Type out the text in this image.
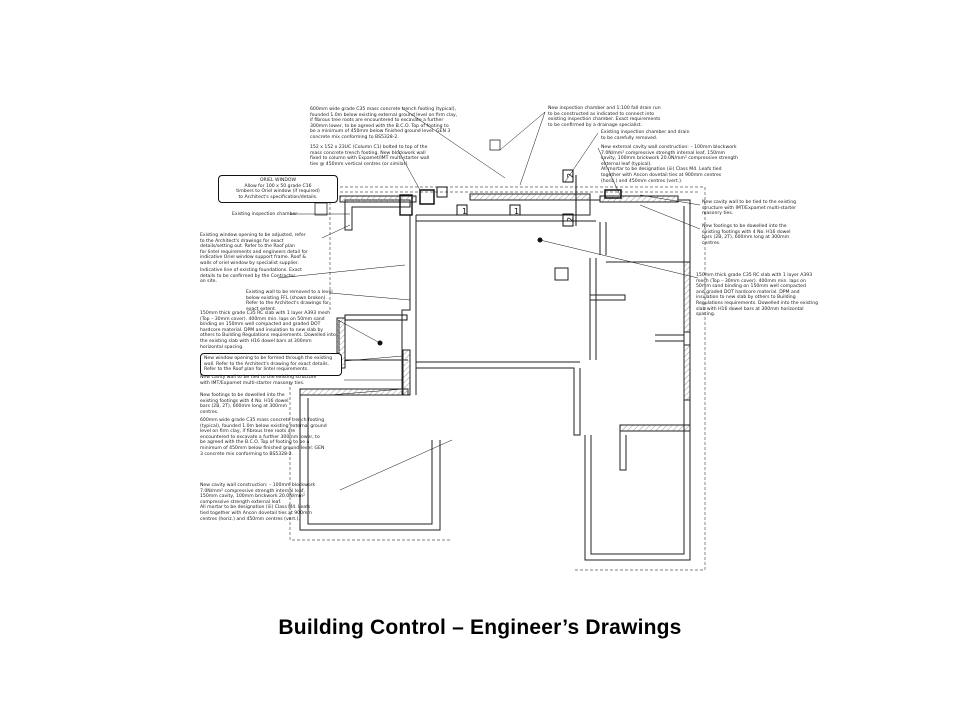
1	1
2
2

600mm wide grade C35 mass concrete trench footing (typical),
founded 1.0m below existing external ground level on firm clay,
if fibrous tree roots are encountered to excavate a further
300mm lower, to be agreed with the B.C.O. Top of footing to
be a minimum of 450mm below finished ground level. GEN 3
concrete mix conforming to BS5328-2.

152 x 152 x 23UC (Column C1) bolted to top of the
mass concrete trench footing. New blockwork wall
fixed to column with Expamet/IMT multi-starter wall
ties @ 450mm vertical centres (or similar).

ORIEL WINDOW
Allow for 100 x 50 grade C16
timbers to Oriel window (if required)
to Architect's specification/details.

Existing inspection chamber

Existing window opening to be adjusted, refer
to the Architect's drawings for exact
details/setting out. Refer to the Roof plan
for lintel requirements and engineers detail for
indicative Oriel window support frame. Roof &
walls of oriel window by specialist supplier.

Indicative line of existing foundations. Exact
details to be confirmed by the Contractor
on site.

Existing wall to be removed to a level
below existing FFL (shown broken).
Refer to the Architect's drawings for
exact extent.

150mm thick grade C35 RC slab with 1 layer A393 mesh
(Top – 30mm cover). 400mm min. laps on 50mm sand
binding on 150mm well compacted and graded DOT
hardcore material. DPM and insulation to new slab by
others to Building Regulations requirements. Dowelled into
the existing slab with H16 dowel bars at 300mm
horizontal spacing.

New window opening to be formed through the existing
wall. Refer to the Architect's drawing for exact details.
Refer to the Roof plan for lintel requirements.

New cavity wall to be tied to the existing structure
with IMT/Expamet multi-starter masonry ties.

New footings to be dowelled into the
existing footings with 4 No. H16 dowel
bars (2B, 2T), 600mm long at 300mm
centres.

600mm wide grade C35 mass concrete trench footing
(typical), founded 1.0m below existing external ground
level on firm clay, if fibrous tree roots are
encountered to excavate a further 300mm lower, to
be agreed with the B.C.O. Top of footing to be a
minimum of 450mm below finished ground level. GEN
3 concrete mix conforming to BS5328-2.

New cavity wall construction: – 100mm blockwork
7.0N/mm² compressive strength internal leaf,
150mm cavity, 100mm brickwork 20.0N/mm²
compressive strength external leaf.
All mortar to be designation (iii) Class M4. Leafs
tied together with Ancon dovetail ties at 900mm
centres (horiz.) and 450mm centres (vert.).

New inspection chamber and 1:100 fall drain run
to be constructed as indicated to connect into
existing inspection chamber. Exact requirements
to be confirmed by a drainage specialist.

Existing inspection chamber and drain
to be carefully removed.

New external cavity wall construction: – 100mm blockwork
7.0N/mm² compressive strength internal leaf, 150mm
cavity, 100mm brickwork 20.0N/mm² compressive strength
external leaf (typical).
All mortar to be designation (iii) Class M4. Leafs tied
together with Ancon dovetail ties at 900mm centres
(horiz.) and 450mm centres (vert.).

New cavity wall to be tied to the existing
structure with IMT/Expamet multi-starter
masonry ties.

New footings to be dowelled into the
existing footings with 4 No. H16 dowel
bars (2B, 2T), 600mm long at 300mm
centres.

150mm thick grade C35 RC slab with 1 layer A393
mesh (Top – 30mm cover). 400mm min. laps on
50mm sand binding on 150mm well compacted
and graded DOT hardcore material. DPM and
insulation to new slab by others to Building
Regulations requirements. Dowelled into the existing
slab with H16 dowel bars at 300mm horizontal
spacing.

Building Control – Engineer’s Drawings
